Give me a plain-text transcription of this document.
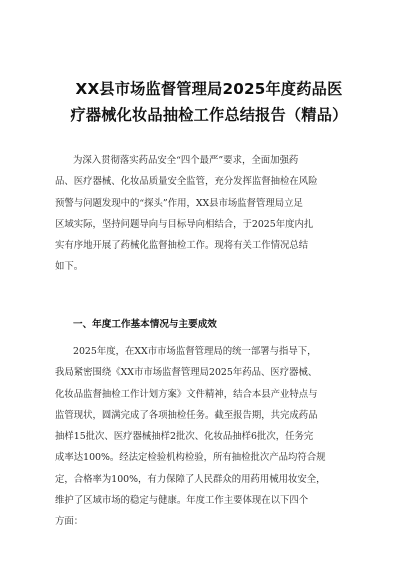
XX县市场监督管理局2025年度药品医
疗器械化妆品抽检工作总结报告（精品）

为深入贯彻落实药品安全“四个最严”要求，全面加强药
品、医疗器械、化妆品质量安全监管，充分发挥监督抽检在风险
预警与问题发现中的“探头”作用，XX县市场监督管理局立足
区域实际，坚持问题导向与目标导向相结合，于2025年度内扎
实有序地开展了药械化监督抽检工作。现将有关工作情况总结
如下。

一、年度工作基本情况与主要成效

2025年度，在XX市市场监督管理局的统一部署与指导下，
我局紧密围绕《XX市市场监督管理局2025年药品、医疗器械、
化妆品监督抽检工作计划方案》文件精神，结合本县产业特点与
监管现状，圆满完成了各项抽检任务。截至报告期，共完成药品
抽样15批次、医疗器械抽样2批次、化妆品抽样6批次，任务完
成率达100%。经法定检验机构检验，所有抽检批次产品均符合规
定，合格率为100%，有力保障了人民群众的用药用械用妆安全，
维护了区域市场的稳定与健康。年度工作主要体现在以下四个
方面：
